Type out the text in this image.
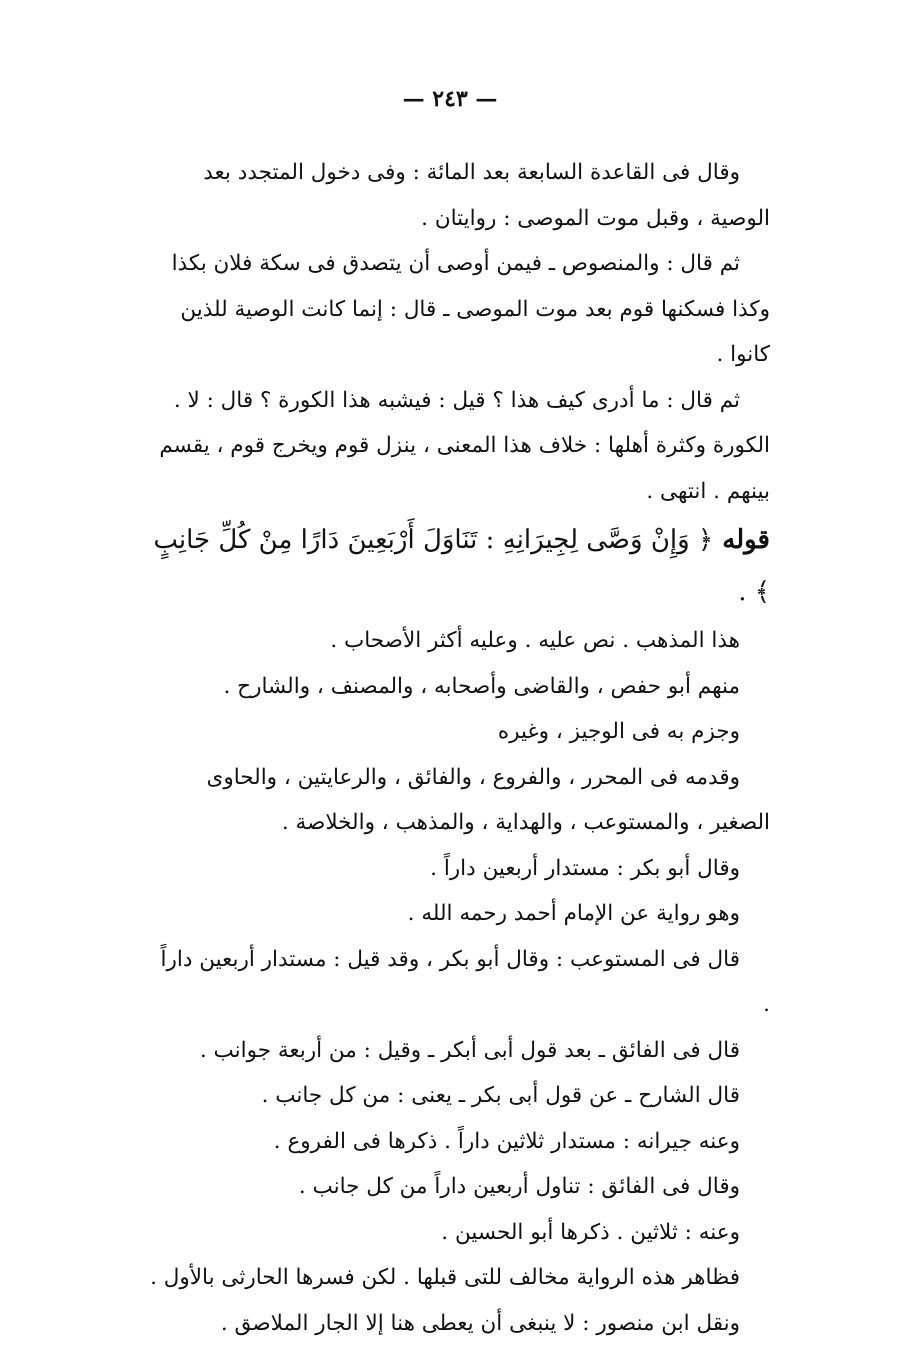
— ٢٤٣ —

وقال فى القاعدة السابعة بعد المائة : وفى دخول المتجدد بعد الوصية ، وقبل موت الموصى : روايتان .

ثم قال : والمنصوص ـ فيمن أوصى أن يتصدق فى سكة فلان بكذا وكذا فسكنها قوم بعد موت الموصى ـ قال : إنما كانت الوصية للذين كانوا .

ثم قال : ما أدرى كيف هذا ؟ قيل : فيشبه هذا الكورة ؟ قال : لا . الكورة وكثرة أهلها : خلاف هذا المعنى ، ينزل قوم ويخرج قوم ، يقسم بينهم . انتهى .

قوله ﴿ وَإِنْ وَصَّى لِجِيرَانِهِ : تَنَاوَلَ أَرْبَعِينَ دَارًا مِنْ كُلِّ جَانِبٍ ﴾ .

هذا المذهب . نص عليه . وعليه أكثر الأصحاب .

منهم أبو حفص ، والقاضى وأصحابه ، والمصنف ، والشارح .

وجزم به فى الوجيز ، وغيره

وقدمه فى المحرر ، والفروع ، والفائق ، والرعايتين ، والحاوى الصغير ، والمستوعب ، والهداية ، والمذهب ، والخلاصة .

وقال أبو بكر : مستدار أربعين داراً .

وهو رواية عن الإمام أحمد رحمه الله .

قال فى المستوعب : وقال أبو بكر ، وقد قيل : مستدار أربعين داراً .

قال فى الفائق ـ بعد قول أبى أبكر ـ وقيل : من أربعة جوانب .

قال الشارح ـ عن قول أبى بكر ـ يعنى : من كل جانب .

وعنه جيرانه : مستدار ثلاثين داراً . ذكرها فى الفروع .

وقال فى الفائق : تناول أربعين داراً من كل جانب .

وعنه : ثلاثين . ذكرها أبو الحسين .

فظاهر هذه الرواية مخالف للتى قبلها . لكن فسرها الحارثى بالأول .

ونقل ابن منصور : لا ينبغى أن يعطى هنا إلا الجار الملاصق .
